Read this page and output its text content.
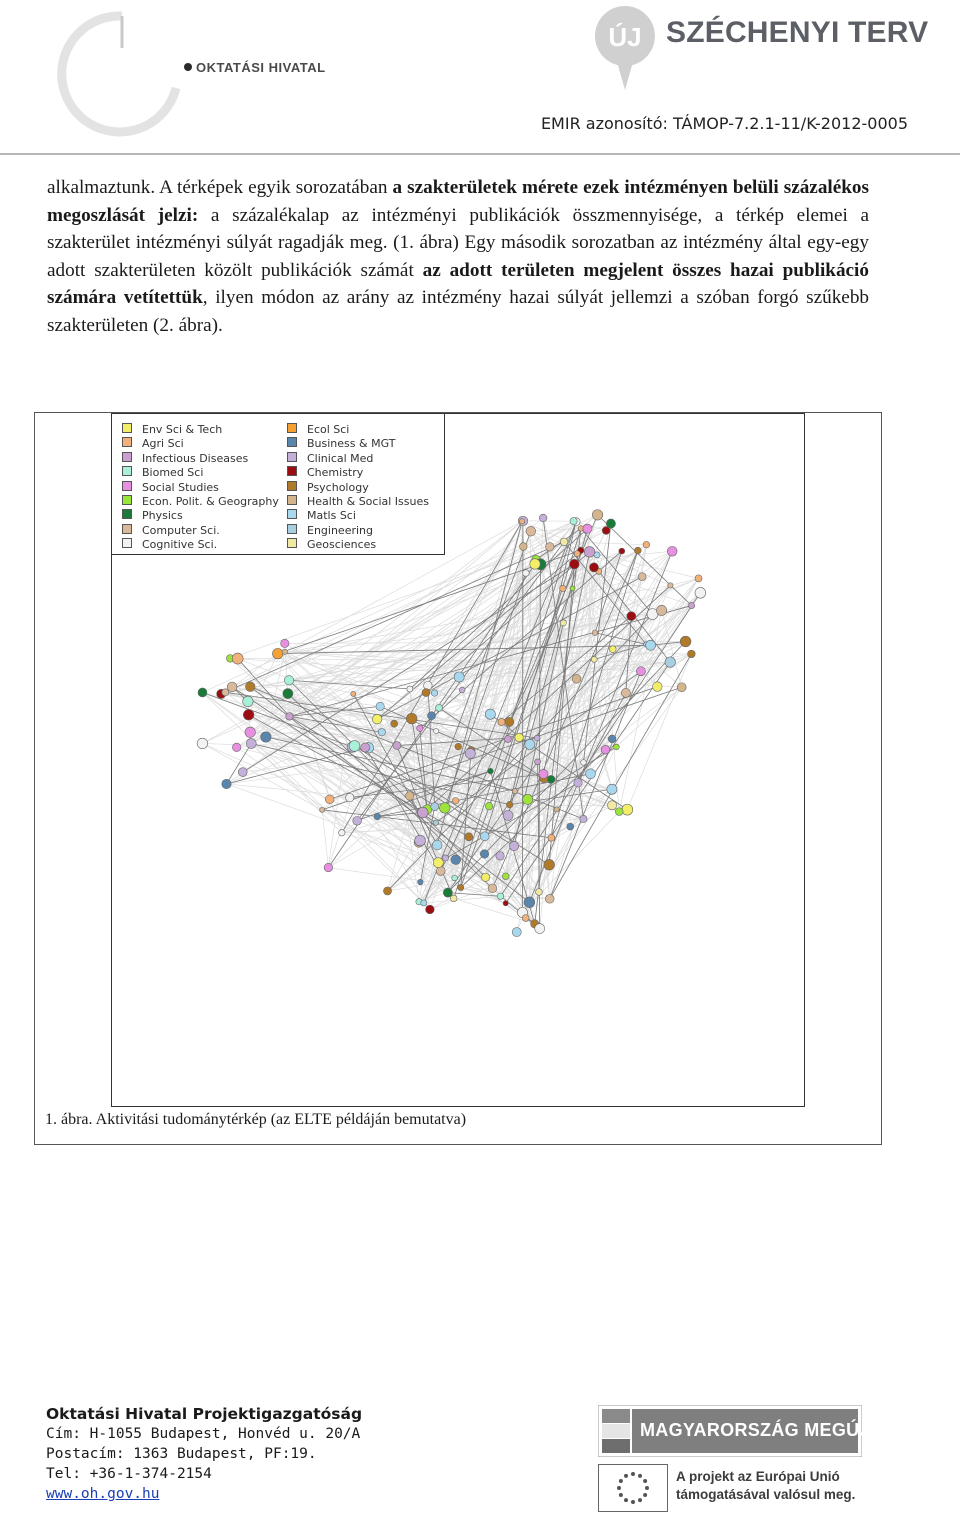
OKTATÁSI HIVATAL
ÚJ SZÉCHENYI TERV
EMIR azonosító: TÁMOP-7.2.1-11/K-2012-0005
alkalmaztunk. A térképek egyik sorozatában a szakterületek mérete ezek intézményen belüli százalékos megoszlását jelzi: a százalékalap az intézményi publikációk összmennyisége, a térkép elemei a szakterület intézményi súlyát ragadják meg. (1. ábra) Egy második sorozatban az intézmény által egy-egy adott szakterületen közölt publikációk számát az adott területen megjelent összes hazai publikáció számára vetítettük, ilyen módon az arány az intézmény hazai súlyát jellemzi a szóban forgó szűkebb szakterületen (2. ábra).
Env Sci & Tech
Agri Sci
Infectious Diseases
Biomed Sci
Social Studies
Econ. Polit. & Geography
Physics
Computer Sci.
Cognitive Sci.
Ecol Sci
Business & MGT
Clinical Med
Chemistry
Psychology
Health & Social Issues
Matls Sci
Engineering
Geosciences
1. ábra. Aktivitási tudománytérkép (az ELTE példáján bemutatva)
Oktatási Hivatal Projektigazgatóság
Cím: H-1055 Budapest, Honvéd u. 20/A
Postacím: 1363 Budapest, PF:19.
Tel: +36-1-374-2154
www.oh.gov.hu
MAGYARORSZÁG MEGÚJUL
A projekt az Európai Unió
támogatásával valósul meg.
